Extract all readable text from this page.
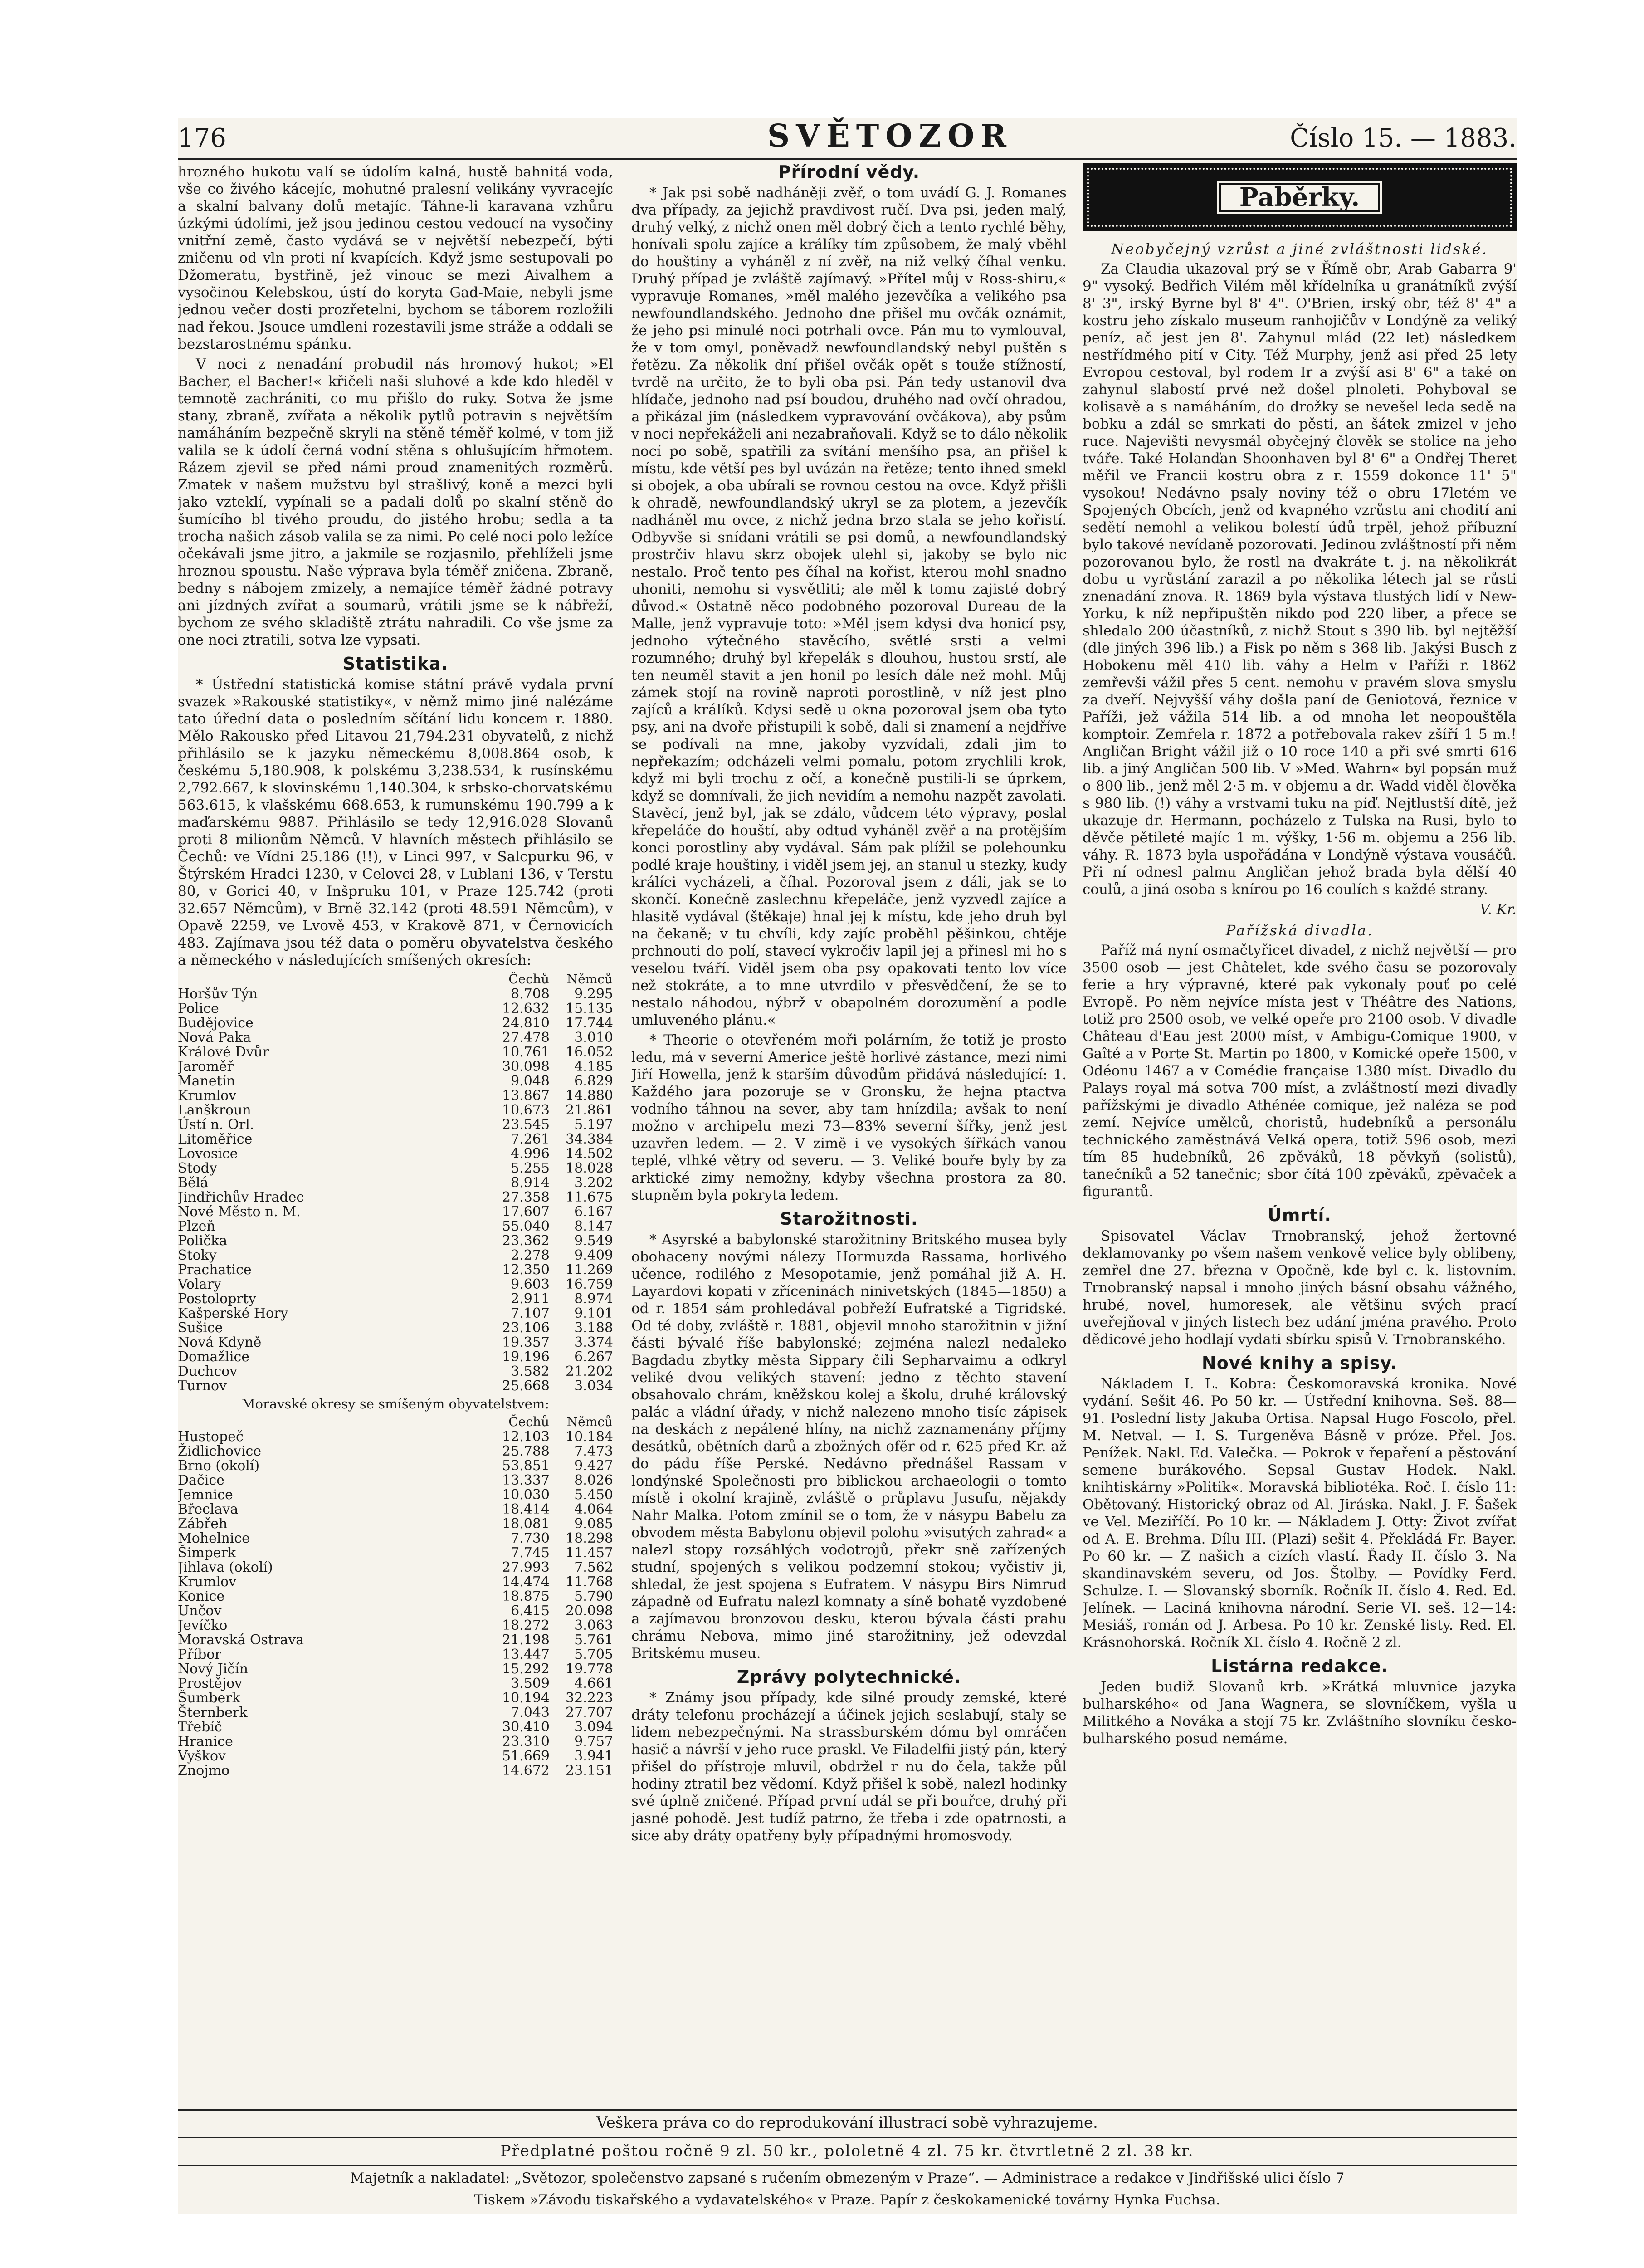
176	SVĚTOZOR	Číslo 15. — 1883.

hrozného hukotu valí se údolím kalná, hustě bahnitá voda, vše co živého kácejíc, mohutné pralesní velikány vyvracejíc a skalní balvany dolů metajíc. Táhne-li karavana vzhůru úzkými údolími, jež jsou jedinou cestou vedoucí na vysočiny vnitřní země, často vydává se v největší nebezpečí, býti zničenu od vln proti ní kvapících. Když jsme sestupovali po Džomeratu, bystřině, jež vinouc se mezi Aivalhem a vysočinou Kelebskou, ústí do koryta Gad-Maie, nebyli jsme jednou večer dosti prozřetelni, bychom se táborem rozložili nad řekou. Jsouce umdleni rozestavili jsme stráže a oddali se bezstarostnému spánku.

V noci z nenadání probudil nás hromový hukot; »El Bacher, el Bacher!« křičeli naši sluhové a kde kdo hleděl v temnotě zachrániti, co mu přišlo do ruky. Sotva že jsme stany, zbraně, zvířata a několik pytlů potravin s největším namáháním bezpečně skryli na stěně téměř kolmé, v tom již valila se k údolí černá vodní stěna s ohlušujícím hřmotem. Rázem zjevil se před námi proud znamenitých rozměrů. Zmatek v našem mužstvu byl strašlivý, koně a mezci byli jako vzteklí, vypínali se a padali dolů po skalní stěně do šumícího bl tivého proudu, do jistého hrobu; sedla a ta trocha našich zásob valila se za nimi. Po celé noci polo ležíce očekávali jsme jitro, a jakmile se rozjasnilo, přehlíželi jsme hroznou spoustu. Naše výprava byla téměř zničena. Zbraně, bedny s nábojem zmizely, a nemajíce téměř žádné potravy ani jízdných zvířat a soumarů, vrátili jsme se k nábřeží, bychom ze svého skladiště ztrátu nahradili. Co vše jsme za one noci ztratili, sotva lze vypsati.

Statistika.

* Ústřední statistická komise státní právě vydala první svazek »Rakouské statistiky«, v němž mimo jiné nalézáme tato úřední data o posledním sčítání lidu koncem r. 1880. Mělo Rakousko před Litavou 21,794.231 obyvatelů, z nichž přihlásilo se k jazyku německému 8,008.864 osob, k českému 5,180.908, k polskému 3,238.534, k rusínskému 2,792.667, k slovinskému 1,140.304, k srbsko-chorvatskému 563.615, k vlašskému 668.653, k rumunskému 190.799 a k maďarskému 9887. Přihlásilo se tedy 12,916.028 Slovanů proti 8 milionům Němců. V hlavních městech přihlásilo se Čechů: ve Vídni 25.186 (!!), v Linci 997, v Salcpurku 96, v Štýrském Hradci 1230, v Celovci 28, v Lublani 136, v Terstu 80, v Gorici 40, v Inšpruku 101, v Praze 125.742 (proti 32.657 Němcům), v Brně 32.142 (proti 48.591 Němcům), v Opavě 2259, ve Lvově 453, v Krakově 871, v Černovicích 483. Zajímava jsou též data o poměru obyvatelstva českého a německého v následujících smíšených okresích:

	Čechů	Němců
Horšův Týn	8.708	9.295
Police	12.632	15.135
Budějovice	24.810	17.744
Nová Paka	27.478	3.010
Králové Dvůr	10.761	16.052
Jaroměř	30.098	4.185
Manetín	9.048	6.829
Krumlov	13.867	14.880
Lanškroun	10.673	21.861
Ústí n. Orl.	23.545	5.197
Litoměřice	7.261	34.384
Lovosice	4.996	14.502
Stody	5.255	18.028
Bělá	8.914	3.202
Jindřichův Hradec	27.358	11.675
Nové Město n. M.	17.607	6.167
Plzeň	55.040	8.147
Polička	23.362	9.549
Stoky	2.278	9.409
Prachatice	12.350	11.269
Volary	9.603	16.759
Postoloprty	2.911	8.974
Kašperské Hory	7.107	9.101
Sušice	23.106	3.188
Nová Kdyně	19.357	3.374
Domažlice	19.196	6.267
Duchcov	3.582	21.202
Turnov	25.668	3.034
Moravské okresy se smíšeným obyvatelstvem:
	Čechů	Němců
Hustopeč	12.103	10.184
Židlichovice	25.788	7.473
Brno (okolí)	53.851	9.427
Dačice	13.337	8.026
Jemnice	10.030	5.450
Břeclava	18.414	4.064
Zábřeh	18.081	9.085
Mohelnice	7.730	18.298
Šimperk	7.745	11.457
Jihlava (okolí)	27.993	7.562
Krumlov	14.474	11.768
Konice	18.875	5.790
Unčov	6.415	20.098
Jevíčko	18.272	3.063
Moravská Ostrava	21.198	5.761
Příbor	13.447	5.705
Nový Jičín	15.292	19.778
Prostějov	3.509	4.661
Šumberk	10.194	32.223
Šternberk	7.043	27.707
Třebíč	30.410	3.094
Hranice	23.310	9.757
Vyškov	51.669	3.941
Znojmo	14.672	23.151
Přírodní vědy.

* Jak psi sobě nadháněji zvěř, o tom uvádí G. J. Romanes dva případy, za jejichž pravdivost ručí. Dva psi, jeden malý, druhý velký, z nichž onen měl dobrý čich a tento rychlé běhy, honívali spolu zajíce a králíky tím způsobem, že malý vběhl do houštiny a vyháněl z ní zvěř, na niž velký číhal venku. Druhý případ je zvláště zajímavý. »Přítel můj v Ross-shiru,« vypravuje Romanes, »měl malého jezevčíka a velikého psa newfoundlandského. Jednoho dne přišel mu ovčák oznámit, že jeho psi minulé noci potrhali ovce. Pán mu to vymlouval, že v tom omyl, poněvadž newfoundlandský nebyl puštěn s řetězu. Za několik dní přišel ovčák opět s touže stížností, tvrdě na určito, že to byli oba psi. Pán tedy ustanovil dva hlídače, jednoho nad psí boudou, druhého nad ovčí ohradou, a přikázal jim (následkem vypravování ovčákova), aby psům v noci nepřekáželi ani nezabraňovali. Když se to dálo několik nocí po sobě, spatřili za svítání menšího psa, an přišel k místu, kde větší pes byl uvázán na řetěze; tento ihned smekl si obojek, a oba ubírali se rovnou cestou na ovce. Když přišli k ohradě, newfoundlandský ukryl se za plotem, a jezevčík nadháněl mu ovce, z nichž jedna brzo stala se jeho kořistí. Odbyvše si snídani vrátili se psi domů, a newfoundlandský prostrčiv hlavu skrz obojek ulehl si, jakoby se bylo nic nestalo. Proč tento pes číhal na kořist, kterou mohl snadno uhoniti, nemohu si vysvětliti; ale měl k tomu zajisté dobrý důvod.« Ostatně něco podobného pozoroval Dureau de la Malle, jenž vypravuje toto: »Měl jsem kdysi dva honicí psy, jednoho výtečného stavěcího, světlé srsti a velmi rozumného; druhý byl křepelák s dlouhou, hustou srstí, ale ten neuměl stavit a jen honil po lesích dále než mohl. Můj zámek stojí na rovině naproti porostlině, v níž jest plno zajíců a králíků. Kdysi sedě u okna pozoroval jsem oba tyto psy, ani na dvoře přistupili k sobě, dali si znamení a nejdříve se podívali na mne, jakoby vyzvídali, zdali jim to nepřekazím; odcházeli velmi pomalu, potom zrychlili krok, když mi byli trochu z očí, a konečně pustili-li se úprkem, když se domnívali, že jich nevidím a nemohu nazpět zavolati. Stavěcí, jenž byl, jak se zdálo, vůdcem této výpravy, poslal křepeláče do houští, aby odtud vyháněl zvěř a na protějším konci porostliny aby vydával. Sám pak plížil se polehounku podlé kraje houštiny, i viděl jsem jej, an stanul u stezky, kudy králíci vycházeli, a číhal. Pozoroval jsem z dáli, jak se to skončí. Konečně zaslechnu křepeláče, jenž vyzvedl zajíce a hlasitě vydával (štěkaje) hnal jej k místu, kde jeho druh byl na čekaně; v tu chvíli, kdy zajíc proběhl pěšinkou, chtěje prchnouti do polí, stavecí vykročiv lapil jej a přinesl mi ho s veselou tváří. Viděl jsem oba psy opakovati tento lov více než stokráte, a to mne utvrdilo v přesvědčení, že se to nestalo náhodou, nýbrž v obapolném dorozumění a podle umluveného plánu.«

* Theorie o otevřeném moři polárním, že totiž je prosto ledu, má v severní Americe ještě horlivé zástance, mezi nimi Jiří Howella, jenž k starším důvodům přidává následující: 1. Každého jara pozoruje se v Gronsku, že hejna ptactva vodního táhnou na sever, aby tam hnízdila; avšak to není možno v archipelu mezi 73—83% severní šířky, jenž jest uzavřen ledem. — 2. V zimě i ve vysokých šířkách vanou teplé, vlhké větry od severu. — 3. Veliké bouře byly by za arktické zimy nemožny, kdyby všechna prostora za 80. stupněm byla pokryta ledem.

Starožitnosti.

* Asyrské a babylonské starožitniny Britského musea byly obohaceny novými nálezy Hormuzda Rassama, horlivého učence, rodilého z Mesopotamie, jenž pomáhal již A. H. Layardovi kopati v zříceninách ninivetských (1845—1850) a od r. 1854 sám prohledával pobřeží Eufratské a Tigridské. Od té doby, zvláště r. 1881, objevil mnoho starožitnin v jižní části bývalé říše babylonské; zejména nalezl nedaleko Bagdadu zbytky města Sippary čili Sepharvaimu a odkryl veliké dvou velikých stavení: jedno z těchto stavení obsahovalo chrám, kněžskou kolej a školu, druhé královský palác a vládní úřady, v nichž nalezeno mnoho tisíc zápisek na deskách z nepálené hlíny, na nichž zaznamenány příjmy desátků, obětních darů a zbožných ofěr od r. 625 před Kr. až do pádu říše Perské. Nedávno přednášel Rassam v londýnské Společnosti pro biblickou archaeologii o tomto místě i okolní krajině, zvláště o průplavu Jusufu, nějakdy Nahr Malka. Potom zmínil se o tom, že v násypu Babelu za obvodem města Babylonu objevil polohu »visutých zahrad« a nalezl stopy rozsáhlých vodotrojů, překr sně zařízených studní, spojených s velikou podzemní stokou; vyčistiv ji, shledal, že jest spojena s Eufratem. V násypu Birs Nimrud západně od Eufratu nalezl komnaty a síně bohatě vyzdobené a zajímavou bronzovou desku, kterou bývala části prahu chrámu Nebova, mimo jiné starožitniny, jež odevzdal Britskému museu.

Zprávy polytechnické.

* Známy jsou případy, kde silné proudy zemské, které dráty telefonu procházejí a účinek jejich seslabují, staly se lidem nebezpečnými. Na strassburském dómu byl omráčen hasič a návrší v jeho ruce praskl. Ve Filadelfii jistý pán, který přišel do přístroje mluvil, obdržel r nu do čela, takže půl hodiny ztratil bez vědomí. Když přišel k sobě, nalezl hodinky své úplně zničené. Případ první udál se při bouřce, druhý při jasné pohodě. Jest tudíž patrno, že třeba i zde opatrnosti, a sice aby dráty opatřeny byly případnými hromosvody.

Paběrky.
Neobyčejný vzrůst a jiné zvláštnosti lidské.

Za Claudia ukazoval prý se v Římě obr, Arab Gabarra 9' 9" vysoký. Bedřich Vilém měl křídelníka u granátníků zvýší 8' 3", irský Byrne byl 8' 4". O'Brien, irský obr, též 8' 4" a kostru jeho získalo museum ranhojičův v Londýně za veliký peníz, ač jest jen 8'. Zahynul mlád (22 let) následkem nestřídmého pití v City. Též Murphy, jenž asi před 25 lety Evropou cestoval, byl rodem Ir a zvýší asi 8' 6" a také on zahynul slabostí prvé než došel plnoleti. Pohyboval se kolisavě a s namáháním, do drožky se nevešel leda sedě na bobku a zdál se smrkati do pěsti, an šátek zmizel v jeho ruce. Najevišti nevysmál obyčejný člověk se stolice na jeho tváře. Také Holanďan Shoonhaven byl 8' 6" a Ondřej Theret měřil ve Francii kostru obra z r. 1559 dokonce 11' 5" vysokou! Nedávno psaly noviny též o obru 17letém ve Spojených Obcích, jenž od kvapného vzrůstu ani chodití ani sedětí nemohl a velikou bolestí údů trpěl, jehož příbuzní bylo takové nevídaně pozorovati. Jedinou zvláštností při něm pozorovanou bylo, že rostl na dvakráte t. j. na několikrát dobu u vyrůstání zarazil a po několika létech jal se růsti znenadání znova. R. 1869 byla výstava tlustých lidí v New-Yorku, k níž nepřipuštěn nikdo pod 220 liber, a přece se shledalo 200 účastníků, z nichž Stout s 390 lib. byl nejtěžší (dle jiných 396 lib.) a Fisk po něm s 368 lib. Jakýsi Busch z Hobokenu měl 410 lib. váhy a Helm v Paříži r. 1862 zemřevši vážil přes 5 cent. nemohu v pravém slova smyslu za dveří. Nejvyšší váhy došla paní de Geniotová, řeznice v Paříži, jež vážila 514 lib. a od mnoha let neopouštěla komptoir. Zemřela r. 1872 a potřebovala rakev zšíří 1 5 m.! Angličan Bright vážil již o 10 roce 140 a při své smrti 616 lib. a jiný Angličan 500 lib. V »Med. Wahrn« byl popsán muž o 800 lib., jenž měl 2·5 m. v objemu a dr. Wadd viděl člověka s 980 lib. (!) váhy a vrstvami tuku na píď. Nejtlustší dítě, jež ukazuje dr. Hermann, pocházelo z Tulska na Rusi, bylo to děvče pětileté majíc 1 m. výšky, 1·56 m. objemu a 256 lib. váhy. R. 1873 byla uspořádána v Londýně výstava vousáčů. Při ní odnesl palmu Angličan jehož brada byla dělší 40 coulů, a jiná osoba s knírou po 16 coulích s každé strany.

V. Kr.
Pařížská divadla.

Paříž má nyní osmačtyřicet divadel, z nichž největší — pro 3500 osob — jest Châtelet, kde svého času se pozorovaly ferie a hry výpravné, které pak vykonaly pouť po celé Evropě. Po něm nejvíce místa jest v Théâtre des Nations, totiž pro 2500 osob, ve velké opeře pro 2100 osob. V divadle Château d'Eau jest 2000 míst, v Ambigu-Comique 1900, v Gaîté a v Porte St. Martin po 1800, v Komické opeře 1500, v Odéonu 1467 a v Comédie française 1380 míst. Divadlo du Palays royal má sotva 700 míst, a zvláštností mezi divadly pařížskými je divadlo Athénée comique, jež naléza se pod zemí. Nejvíce umělců, choristů, hudebníků a personálu technického zaměstnává Velká opera, totiž 596 osob, mezi tím 85 hudebníků, 26 zpěváků, 18 pěvkyň (solistů), tanečníků a 52 tanečnic; sbor čítá 100 zpěváků, zpěvaček a figurantů.

Úmrtí.

Spisovatel Václav Trnobranský, jehož žertovné deklamovanky po všem našem venkově velice byly oblibeny, zemřel dne 27. března v Opočně, kde byl c. k. listovním. Trnobranský napsal i mnoho jiných básní obsahu vážného, hrubé, novel, humoresek, ale většinu svých prací uveřejňoval v jiných listech bez udání jména pravého. Proto dědicové jeho hodlají vydati sbírku spisů V. Trnobranského.

Nové knihy a spisy.

Nákladem I. L. Kobra: Českomoravská kronika. Nové vydání. Sešit 46. Po 50 kr. — Ústřední knihovna. Seš. 88—91. Poslední listy Jakuba Ortisa. Napsal Hugo Foscolo, přel. M. Netval. — I. S. Turgeněva Básně v próze. Přel. Jos. Penížek. Nakl. Ed. Valečka. — Pokrok v řepaření a pěstování semene burákového. Sepsal Gustav Hodek. Nakl. knihtiskárny »Politik«. Moravská bibliotéka. Roč. I. číslo 11: Obětovaný. Historický obraz od Al. Jiráska. Nakl. J. F. Šašek ve Vel. Meziříčí. Po 10 kr. — Nákladem J. Otty: Život zvířat od A. E. Brehma. Dílu III. (Plazi) sešit 4. Překládá Fr. Bayer. Po 60 kr. — Z našich a cizích vlastí. Řady II. číslo 3. Na skandinavském severu, od Jos. Štolby. — Povídky Ferd. Schulze. I. — Slovanský sborník. Ročník II. číslo 4. Red. Ed. Jelínek. — Laciná knihovna národní. Serie VI. seš. 12—14: Mesiáš, román od J. Arbesa. Po 10 kr. Zenské listy. Red. El. Krásnohorská. Ročník XI. číslo 4. Ročně 2 zl.

Listárna redakce.

Jeden budiž Slovanů krb. »Krátká mluvnice jazyka bulharského« od Jana Wagnera, se slovníčkem, vyšla u Militkého a Nováka a stojí 75 kr. Zvláštního slovníku česko-bulharského posud nemáme.

Veškera práva co do reprodukování illustrací sobě vyhrazujeme.
Předplatné poštou ročně 9 zl. 50 kr., pololetně 4 zl. 75 kr. čtvrtletně 2 zl. 38 kr.
Majetník a nakladatel: „Světozor, společenstvo zapsané s ručením obmezeným v Praze“. — Administrace a redakce v Jindřišské ulici číslo 7
Tiskem »Závodu tiskařského a vydavatelského« v Praze. Papír z českokamenické továrny Hynka Fuchsa.
